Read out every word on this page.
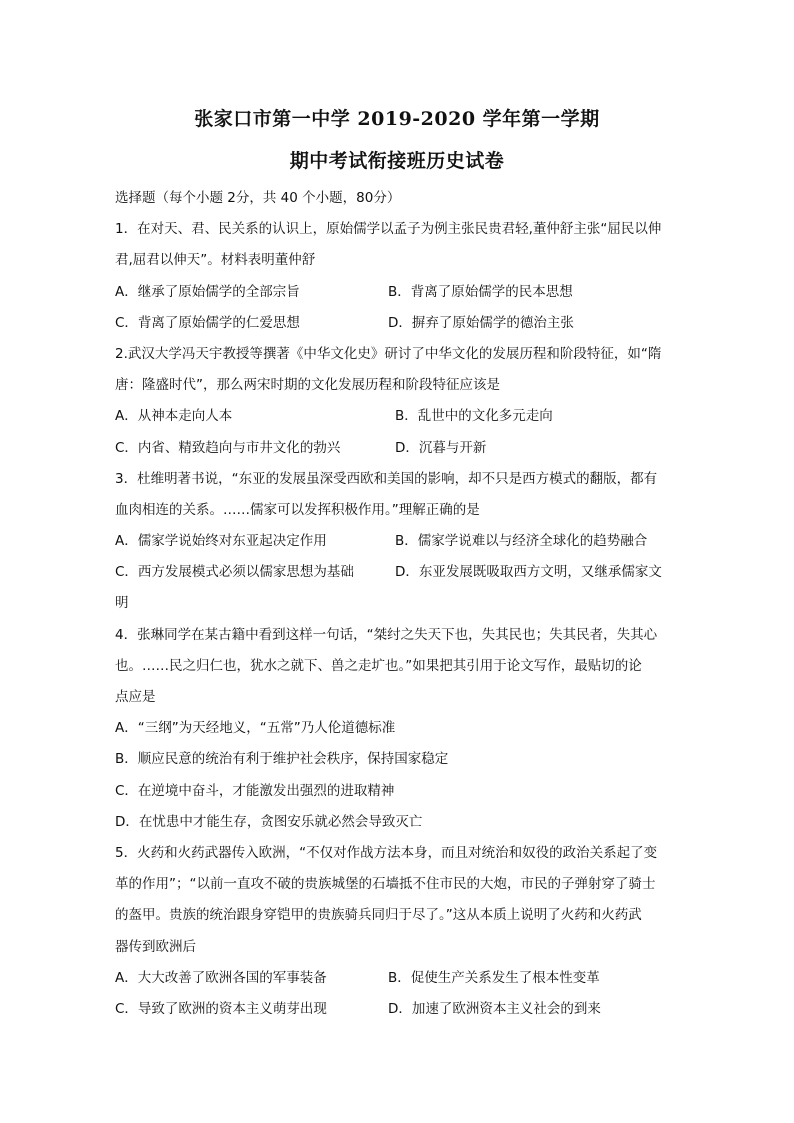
张家口市第一中学 2019-2020 学年第一学期
期中考试衔接班历史试卷
选择题（每个小题 2分，共 40 个小题，80分）
1．在对天、君、民关系的认识上，原始儒学以孟子为例主张民贵君轻,董仲舒主张“屈民以伸
君,屈君以伸天”。材料表明董仲舒
A．继承了原始儒学的全部宗旨	B．背离了原始儒学的民本思想
C．背离了原始儒学的仁爱思想	D．摒弃了原始儒学的德治主张
2.武汉大学冯天宇教授等撰著《中华文化史》研讨了中华文化的发展历程和阶段特征，如“隋
唐：隆盛时代”，那么两宋时期的文化发展历程和阶段特征应该是
A．从神本走向人本	B．乱世中的文化多元走向
C．内省、精致趋向与市井文化的勃兴	D．沉暮与开新
3．杜维明著书说，“东亚的发展虽深受西欧和美国的影响，却不只是西方模式的翻版，都有
血肉相连的关系。……儒家可以发挥积极作用。”理解正确的是
A．儒家学说始终对东亚起决定作用	B．儒家学说难以与经济全球化的趋势融合
C．西方发展模式必须以儒家思想为基础	D．东亚发展既吸取西方文明，又继承儒家文
明
4．张琳同学在某古籍中看到这样一句话，“桀纣之失天下也，失其民也；失其民者，失其心
也。……民之归仁也，犹水之就下、兽之走圹也。”如果把其引用于论文写作，最贴切的论
点应是
A．“三纲”为天经地义，“五常”乃人伦道德标准
B．顺应民意的统治有利于维护社会秩序，保持国家稳定
C．在逆境中奋斗，才能激发出强烈的进取精神
D．在忧患中才能生存，贪图安乐就必然会导致灭亡
5．火药和火药武器传入欧洲，“不仅对作战方法本身，而且对统治和奴役的政治关系起了变
革的作用”；“以前一直攻不破的贵族城堡的石墙抵不住市民的大炮，市民的子弹射穿了骑士
的盔甲。贵族的统治跟身穿铠甲的贵族骑兵同归于尽了。”这从本质上说明了火药和火药武
器传到欧洲后
A．大大改善了欧洲各国的军事装备	B．促使生产关系发生了根本性变革
C．导致了欧洲的资本主义萌芽出现	D．加速了欧洲资本主义社会的到来
